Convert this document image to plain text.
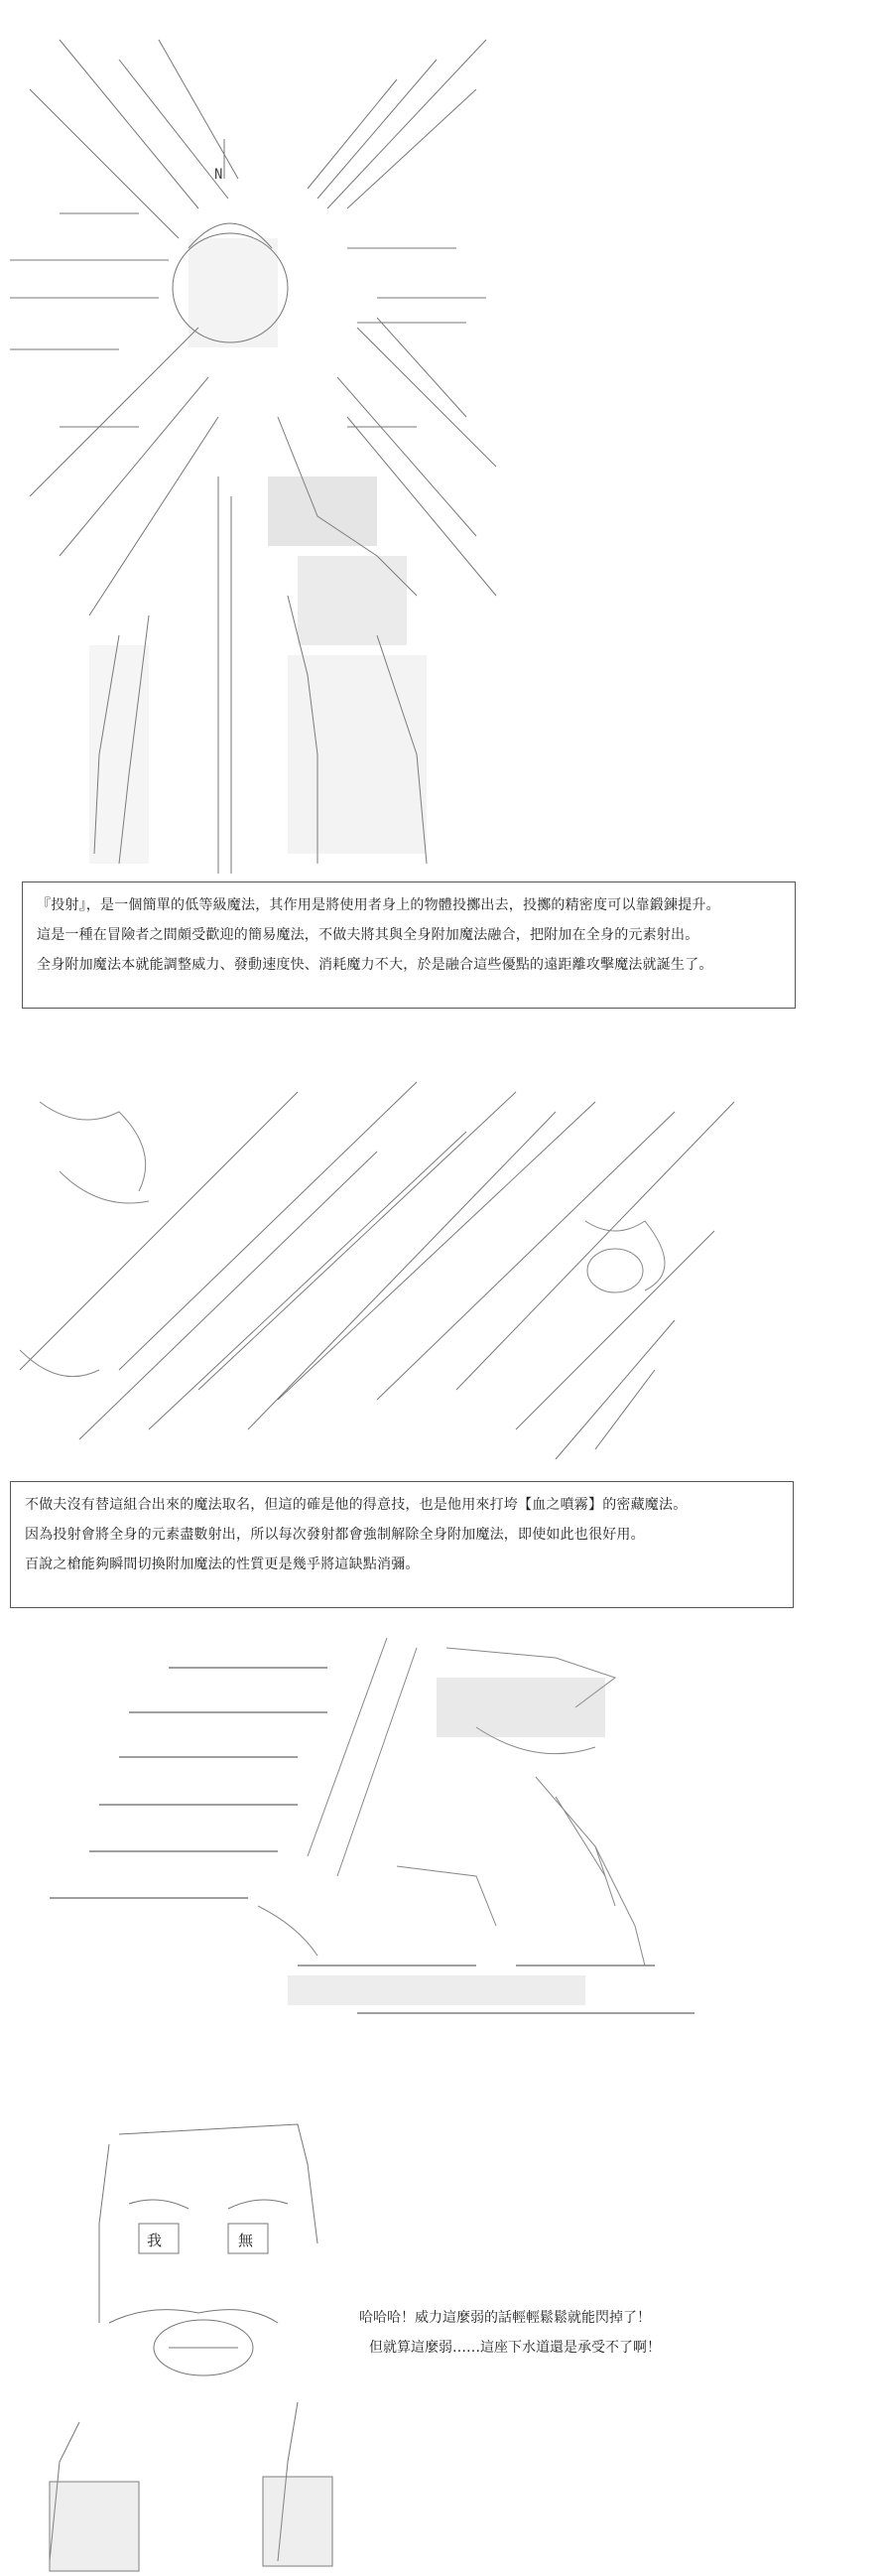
N

『投射』，是一個簡單的低等級魔法，其作用是將使用者身上的物體投擲出去，投擲的精密度可以靠鍛鍊提升。

這是一種在冒險者之間頗受歡迎的簡易魔法，不做夫將其與全身附加魔法融合，把附加在全身的元素射出。

全身附加魔法本就能調整威力、發動速度快、消耗魔力不大，於是融合這些優點的遠距離攻擊魔法就誕生了。

不做夫沒有替這組合出來的魔法取名，但這的確是他的得意技，也是他用來打垮【血之噴霧】的密藏魔法。

因為投射會將全身的元素盡數射出，所以每次發射都會強制解除全身附加魔法，即使如此也很好用。

百說之槍能夠瞬間切換附加魔法的性質更是幾乎將這缺點消彌。

我	無
哈哈哈！威力這麼弱的話輕輕鬆鬆就能閃掉了！
但就算這麼弱……這座下水道還是承受不了啊！
